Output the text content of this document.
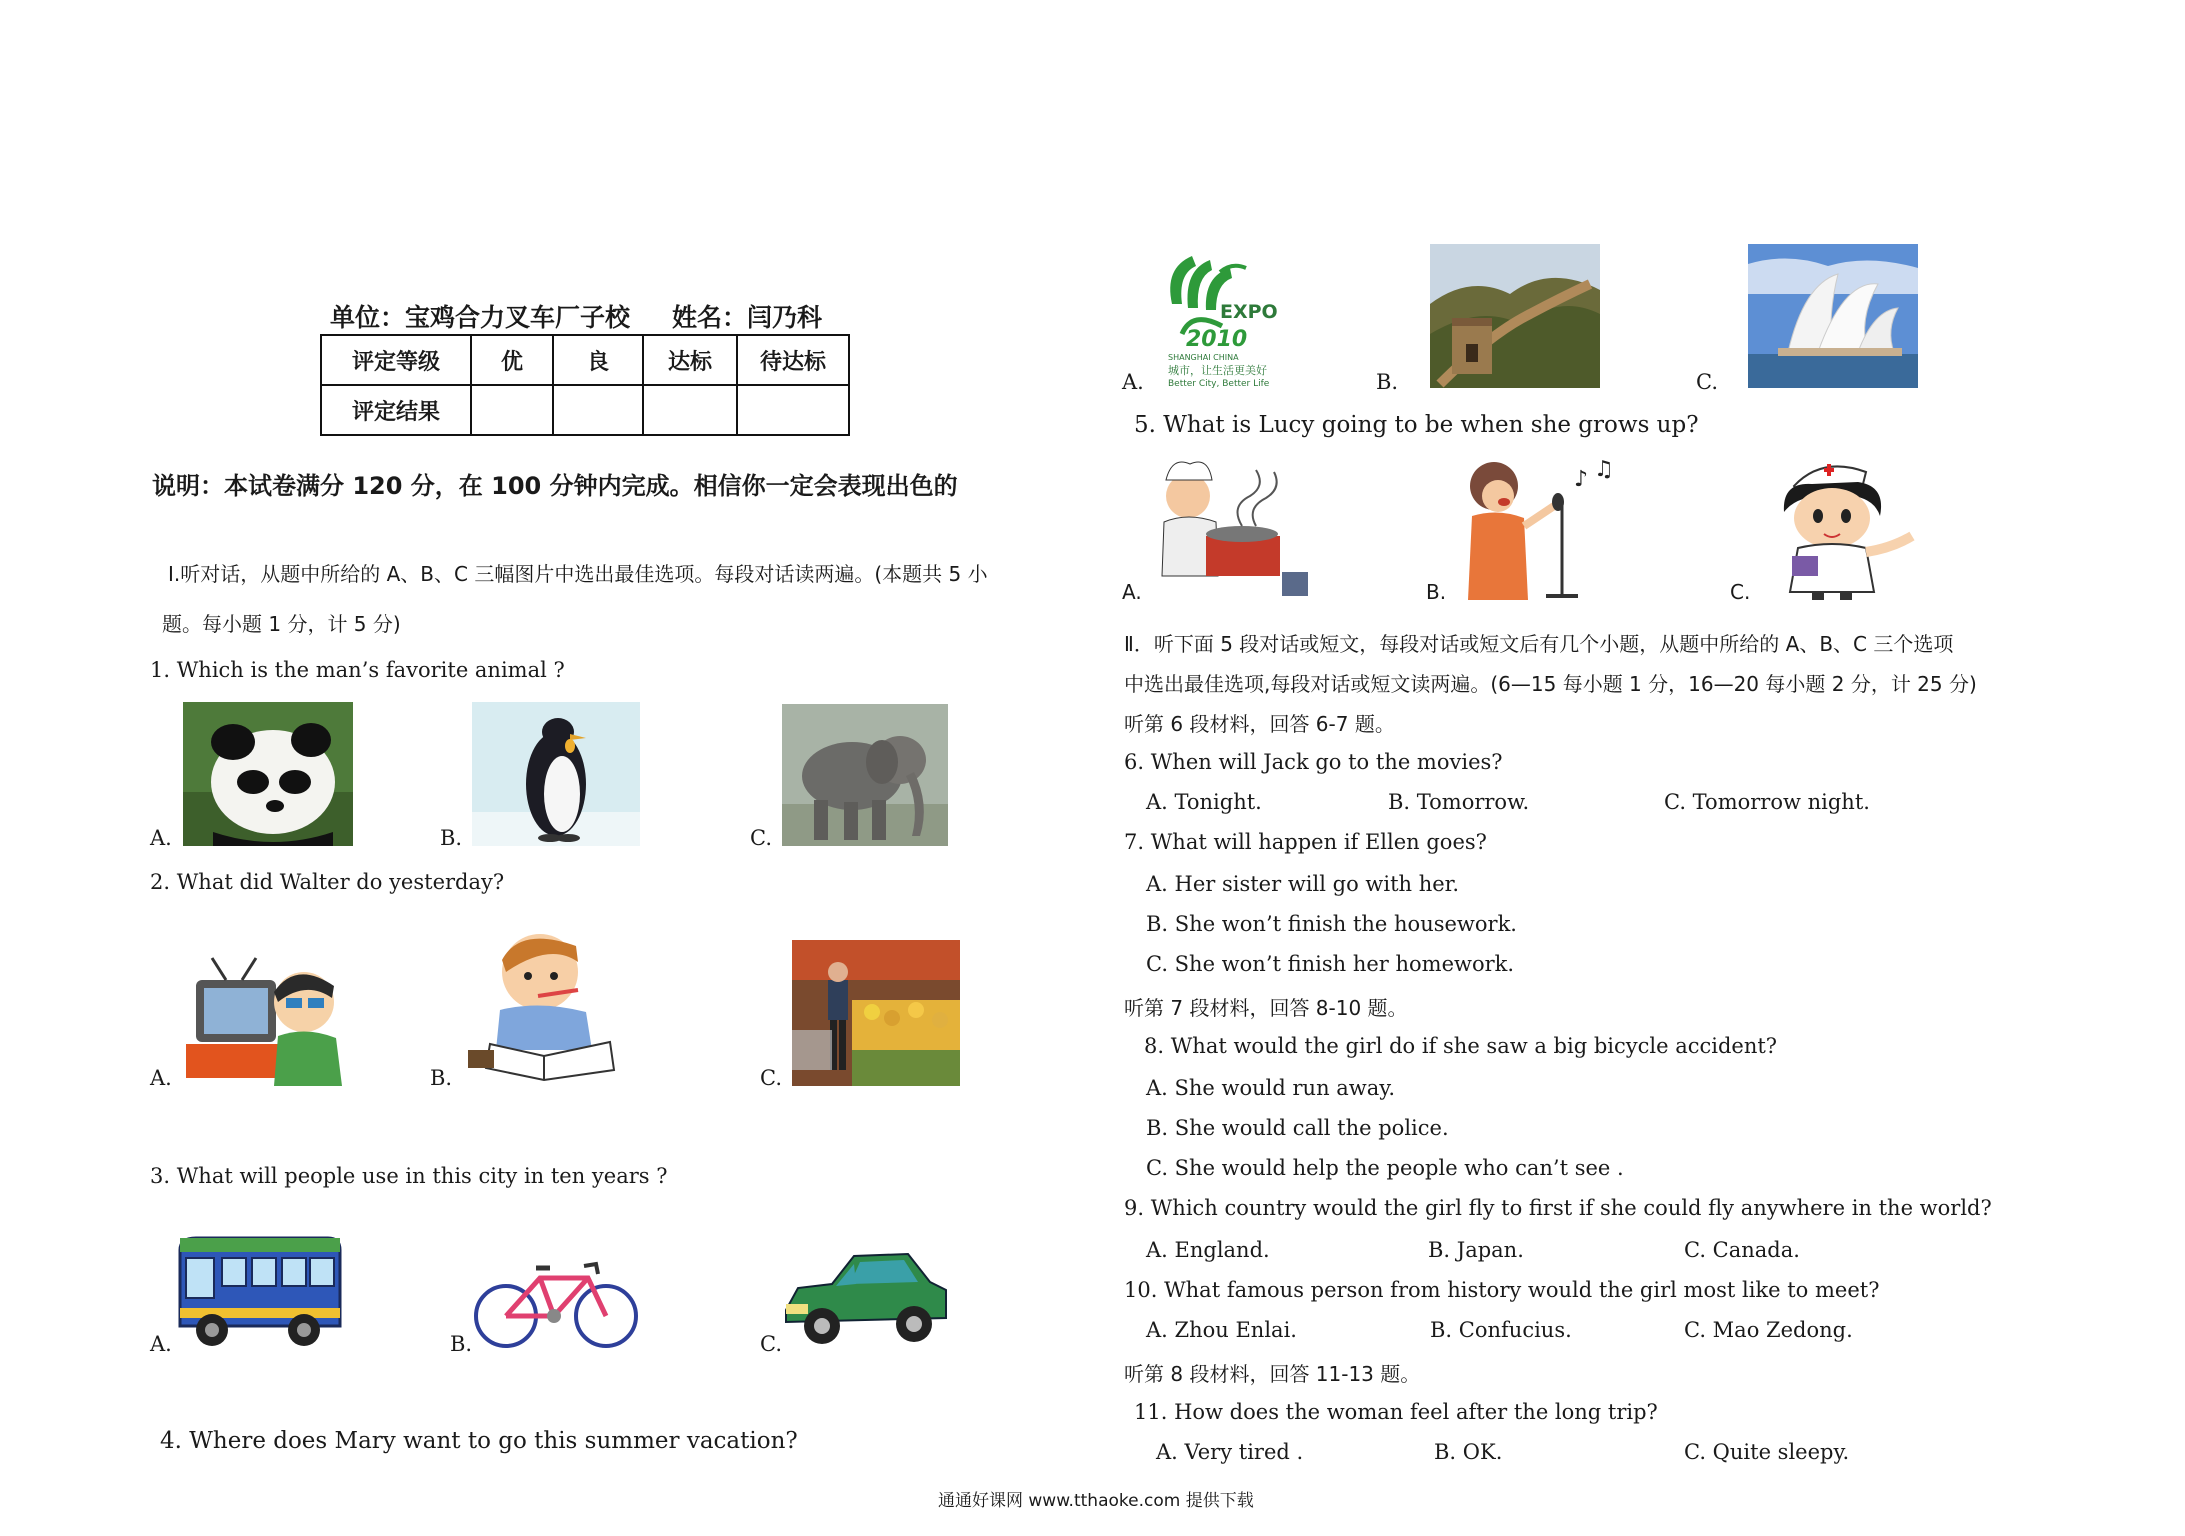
单位：宝鸡合力叉车厂子校 姓名：闫乃科
评定等级	优	良	达标	待达标
评定结果				
说明：本试卷满分 120 分，在 100 分钟内完成。相信你一定会表现出色的
Ⅰ.听对话，从题中所给的 A、B、C 三幅图片中选出最佳选项。每段对话读两遍。(本题共 5 小
题。每小题 1 分，计 5 分)
1. Which is the man’s favorite animal ?
A.	B.	C.
2. What did Walter do yesterday?
A.	B.	C.
3. What will people use in this city in ten years ?
A.	B.	C.
4. Where does Mary want to go this summer vacation?
A.
EXPO
2010
SHANGHAI CHINA
城市，让生活更美好
Better City, Better Life	B.	C.
5. What is Lucy going to be when she grows up?
A.	B.
♪ ♫
C.
Ⅱ．听下面 5 段对话或短文，每段对话或短文后有几个小题，从题中所给的 A、B、C 三个选项
中选出最佳选项,每段对话或短文读两遍。(6—15 每小题 1 分，16—20 每小题 2 分，计 25 分)
听第 6 段材料，回答 6-7 题。
6. When will Jack go to the movies?
A. Tonight.	B. Tomorrow.	C. Tomorrow night.
7. What will happen if Ellen goes?
A. Her sister will go with her.
B. She won’t finish the housework.
C. She won’t finish her homework.
听第 7 段材料，回答 8-10 题。
8. What would the girl do if she saw a big bicycle accident?
A. She would run away.
B. She would call the police.
C. She would help the people who can’t see .
9. Which country would the girl fly to first if she could fly anywhere in the world?
A. England.	B. Japan.	C. Canada.
10. What famous person from history would the girl most like to meet?
A. Zhou Enlai.	B. Confucius.	C. Mao Zedong.
听第 8 段材料，回答 11-13 题。
11. How does the woman feel after the long trip?
A. Very tired .	B. OK.	C. Quite sleepy.
通通好课网 www.tthaoke.com 提供下载
